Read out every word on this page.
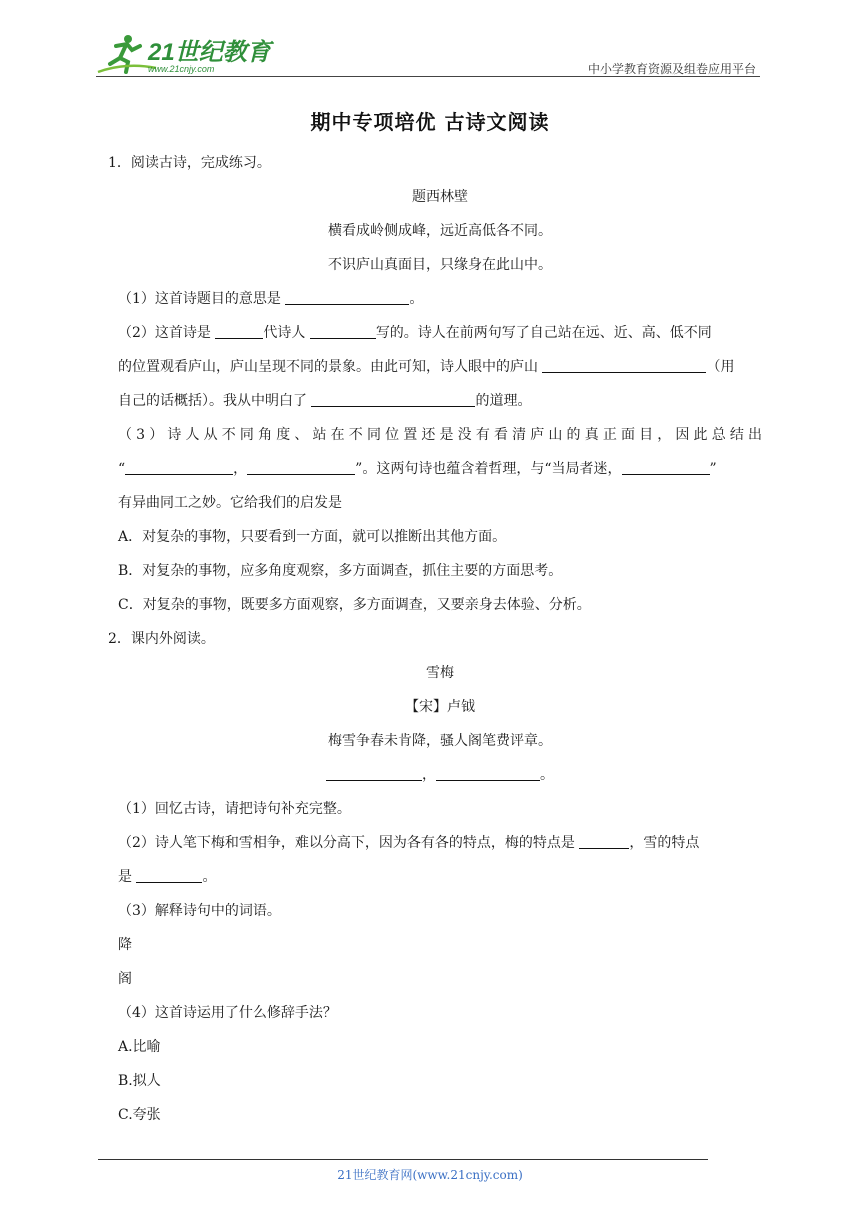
21世纪教育
www.21cnjy.com	中小学教育资源及组卷应用平台
期中专项培优 古诗文阅读
1．阅读古诗，完成练习。
题西林壁
横看成岭侧成峰，远近高低各不同。
不识庐山真面目，只缘身在此山中。
（1）这首诗题目的意思是	。
（2）这首诗是	代诗人	写的。诗人在前两句写了自己站在远、近、高、低不同
的位置观看庐山，庐山呈现不同的景象。由此可知，诗人眼中的庐山	（用
自己的话概括）。我从中明白了	的道理。
（3）诗人从不同角度、站在不同位置还是没有看清庐山的真正面目，因此总结出
“	，	”。这两句诗也蕴含着哲理，与“当局者迷，	”
有异曲同工之妙。它给我们的启发是
A．对复杂的事物，只要看到一方面，就可以推断出其他方面。
B．对复杂的事物，应多角度观察，多方面调查，抓住主要的方面思考。
C．对复杂的事物，既要多方面观察，多方面调查，又要亲身去体验、分析。
2．课内外阅读。
雪梅
【宋】卢钺
梅雪争春未肯降，骚人阁笔费评章。
，	。
（1）回忆古诗，请把诗句补充完整。
（2）诗人笔下梅和雪相争，难以分高下，因为各有各的特点，梅的特点是	，雪的特点
是	。
（3）解释诗句中的词语。
降
阁
（4）这首诗运用了什么修辞手法？
A.比喻
B.拟人
C.夸张
21世纪教育网(www.21cnjy.com)
